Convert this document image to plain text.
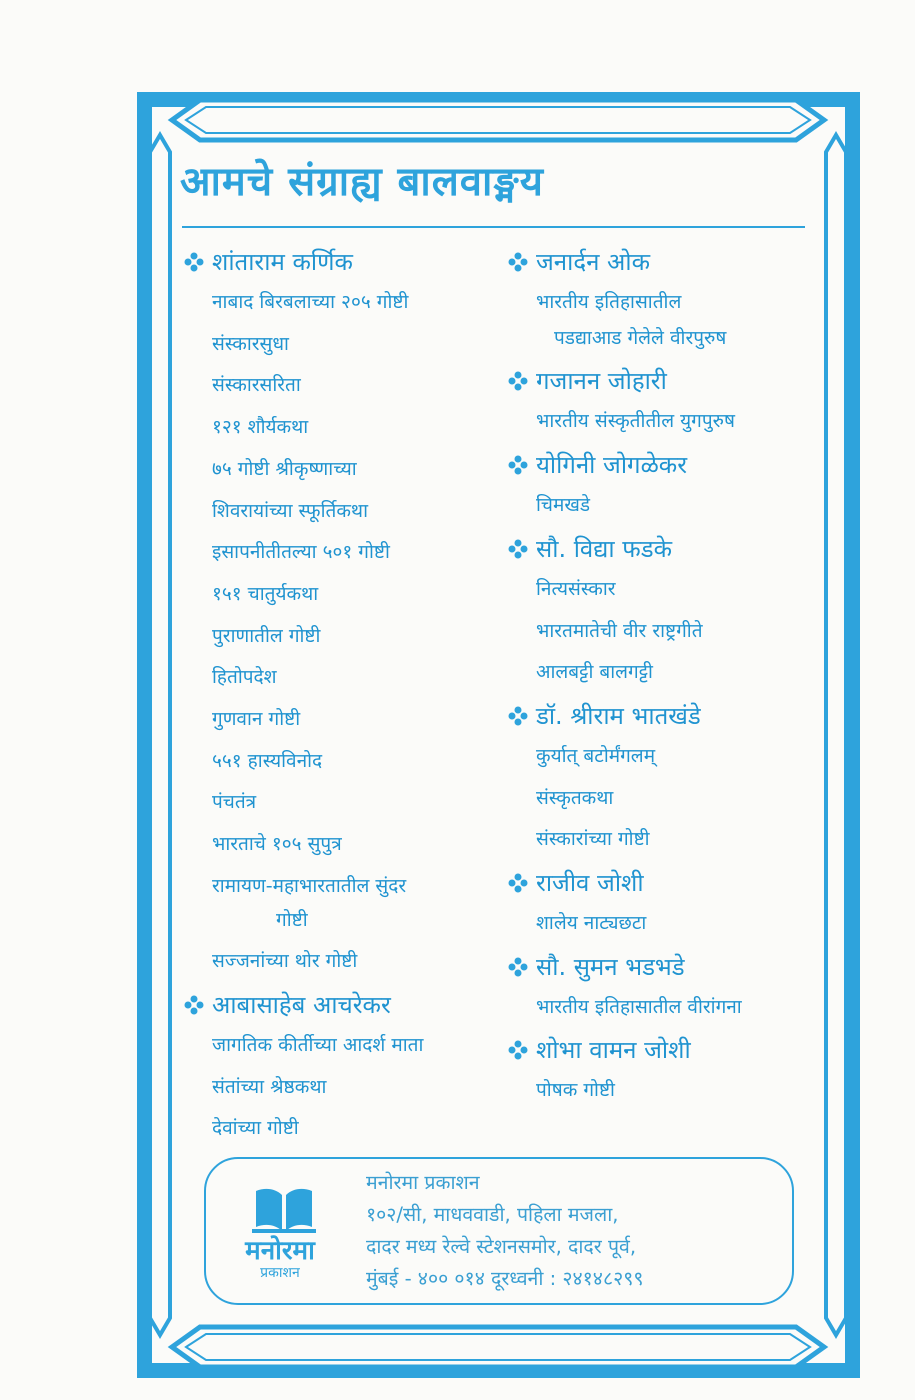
आमचे संग्राह्य बालवाङ्मय
शांताराम कर्णिक
नाबाद बिरबलाच्या २०५ गोष्टी
संस्कारसुधा
संस्कारसरिता
१२१ शौर्यकथा
७५ गोष्टी श्रीकृष्णाच्या
शिवरायांच्या स्फूर्तिकथा
इसापनीतीतल्या ५०१ गोष्टी
१५१ चातुर्यकथा
पुराणातील गोष्टी
हितोपदेश
गुणवान गोष्टी
५५१ हास्यविनोद
पंचतंत्र
भारताचे १०५ सुपुत्र
रामायण-महाभारतातील सुंदर
गोष्टी
सज्जनांच्या थोर गोष्टी
आबासाहेब आचरेकर
जागतिक कीर्तीच्या आदर्श माता
संतांच्या श्रेष्ठकथा
देवांच्या गोष्टी
जनार्दन ओक
भारतीय इतिहासातील
पडद्याआड गेलेले वीरपुरुष
गजानन जोहारी
भारतीय संस्कृतीतील युगपुरुष
योगिनी जोगळेकर
चिमखडे
सौ. विद्या फडके
नित्यसंस्कार
भारतमातेची वीर राष्ट्रगीते
आलबट्टी बालगट्टी
डॉ. श्रीराम भातखंडे
कुर्यात् बटोर्मंगलम्
संस्कृतकथा
संस्कारांच्या गोष्टी
राजीव जोशी
शालेय नाट्यछटा
सौ. सुमन भडभडे
भारतीय इतिहासातील वीरांगना
शोभा वामन जोशी
पोषक गोष्टी
मनोरमा
प्रकाशन
मनोरमा प्रकाशन
१०२/सी, माधववाडी, पहिला मजला,
दादर मध्य रेल्वे स्टेशनसमोर, दादर पूर्व,
मुंबई - ४०० ०१४ दूरध्वनी : २४१४८२९९
